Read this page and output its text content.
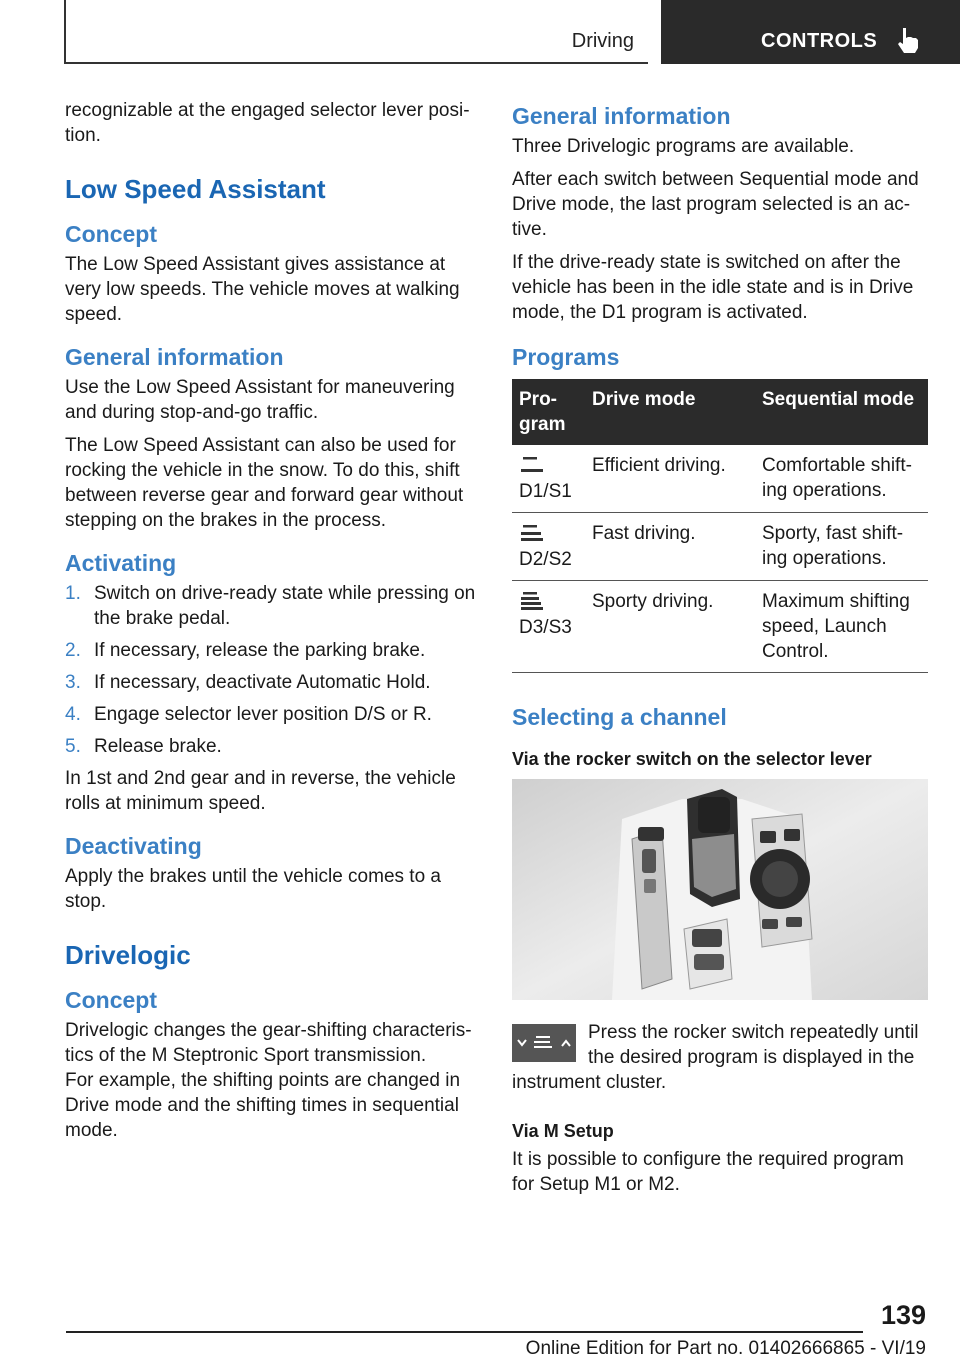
Driving	CONTROLS

recognizable at the engaged selector lever posi‐tion.

Low Speed Assistant
Concept

The Low Speed Assistant gives assistance at very low speeds. The vehicle moves at walking speed.

General information

Use the Low Speed Assistant for maneuvering and during stop-and-go traffic.

The Low Speed Assistant can also be used for rocking the vehicle in the snow. To do this, shift between reverse gear and forward gear without stepping on the brakes in the process.

Activating
1. Switch on drive-ready state while pressing on the brake pedal.
2. If necessary, release the parking brake.
3. If necessary, deactivate Automatic Hold.
4. Engage selector lever position D/S or R.
5. Release brake.

In 1st and 2nd gear and in reverse, the vehicle rolls at minimum speed.

Deactivating

Apply the brakes until the vehicle comes to a stop.

Drivelogic
Concept

Drivelogic changes the gear-shifting characteris‐tics of the M Steptronic Sport transmission.

For example, the shifting points are changed in Drive mode and the shifting times in sequential mode.

General information

Three Drivelogic programs are available.

After each switch between Sequential mode and Drive mode, the last program selected is an ac‐tive.

If the drive-ready state is switched on after the vehicle has been in the idle state and is in Drive mode, the D1 program is activated.

Programs
Pro‐gram	Drive mode	Sequential mode

D1/S1	Efficient driving.	Comfortable shift‐ing operations.

D2/S2	Fast driving.	Sporty, fast shift‐ing operations.

D3/S3	Sporty driving.	Maximum shifting speed, Launch Control.
Selecting a channel
Via the rocker switch on the selector lever

Press the rocker switch repeatedly until the desired program is displayed in the instrument cluster.

Via M Setup

It is possible to configure the required program for Setup M1 or M2.

139
Online Edition for Part no. 01402666865 - VI/19
